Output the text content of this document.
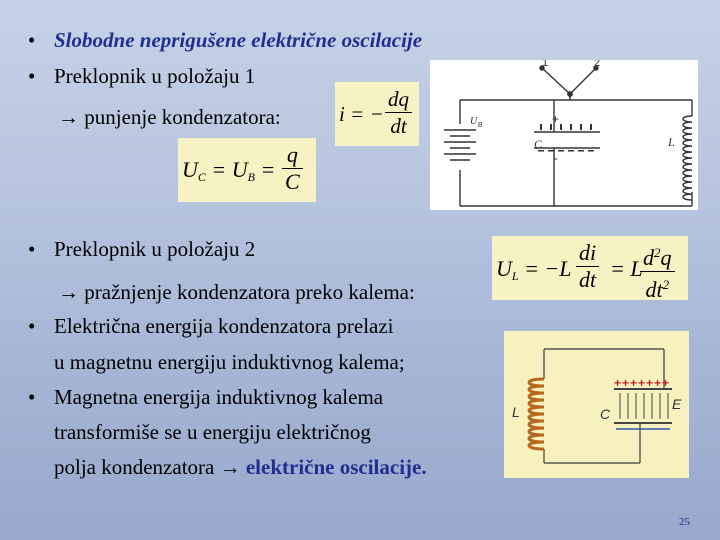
• Slobodne neprigušene električne oscilacije
• Preklopnik u položaju 1
→ punjenje kondenzatora:	i = − $\frac{dq}{dt}$
$U_C = U_B = \frac{q}{C}$
1	2
U B
C
+
-
L
• Preklopnik u položaju 2
→ pražnjenje kondenzatora preko kalema:
$U_L = -L \frac{di}{dt} = L$
$\frac{d^2q}{dt^2}$
• Električna energija kondenzatora prelazi
u magnetnu energiju induktivnog kalema;
• Magnetna energija induktivnog kalema
transformiše se u energiju električnog
polja kondenzatora → električne oscilacije.
+ + + + + + +
L	C
E
25
